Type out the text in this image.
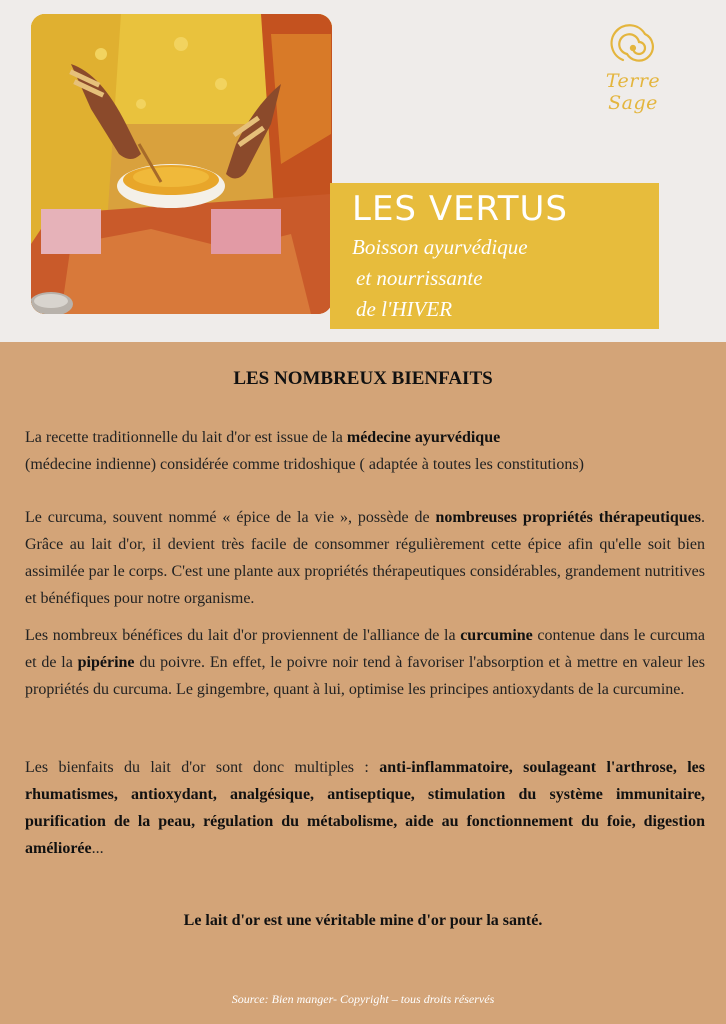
Terre Sage
LES VERTUS
Boisson ayurvédique
et nourrissante
de l'HIVER
LES NOMBREUX BIENFAITS
La recette traditionnelle du lait d'or est issue de la médecine ayurvédique
(médecine indienne) considérée comme tridoshique ( adaptée à toutes les constitutions)
Le curcuma, souvent nommé « épice de la vie », possède de nombreuses propriétés thérapeutiques. Grâce au lait d'or, il devient très facile de consommer régulièrement cette épice afin qu'elle soit bien assimilée par le corps. C'est une plante aux propriétés thérapeutiques considérables, grandement nutritives et bénéfiques pour notre organisme.
Les nombreux bénéfices du lait d'or proviennent de l'alliance de la curcumine contenue dans le curcuma et de la pipérine du poivre. En effet, le poivre noir tend à favoriser l'absorption et à mettre en valeur les propriétés du curcuma. Le gingembre, quant à lui, optimise les principes antioxydants de la curcumine.
Les bienfaits du lait d'or sont donc multiples : anti-inflammatoire, soulageant l'arthrose, les rhumatismes, antioxydant, analgésique, antiseptique, stimulation du système immunitaire, purification de la peau, régulation du métabolisme, aide au fonctionnement du foie, digestion améliorée...
Le lait d'or est une véritable mine d'or pour la santé.
Source: Bien manger- Copyright – tous droits réservés
